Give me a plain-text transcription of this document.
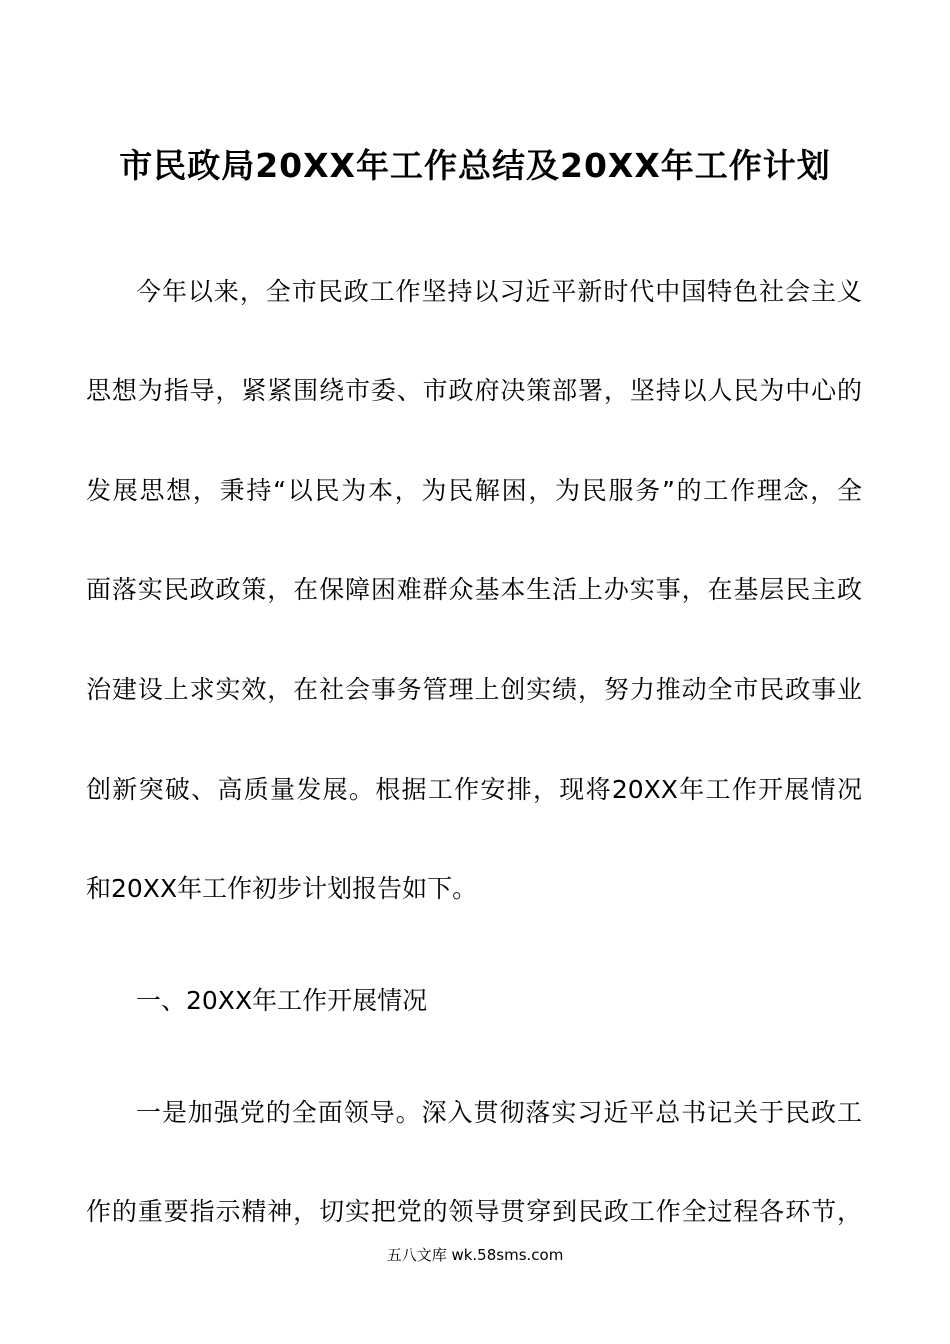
市民政局20XX年工作总结及20XX年工作计划
今年以来，全市民政工作坚持以习近平新时代中国特色社会主义
思想为指导，紧紧围绕市委、市政府决策部署，坚持以人民为中心的
发展思想，秉持“以民为本，为民解困，为民服务”的工作理念，全
面落实民政政策，在保障困难群众基本生活上办实事，在基层民主政
治建设上求实效，在社会事务管理上创实绩，努力推动全市民政事业
创新突破、高质量发展。根据工作安排，现将20XX年工作开展情况
和20XX年工作初步计划报告如下。
一、20XX年工作开展情况
一是加强党的全面领导。深入贯彻落实习近平总书记关于民政工
作的重要指示精神，切实把党的领导贯穿到民政工作全过程各环节，
五八文库 wk.58sms.com
